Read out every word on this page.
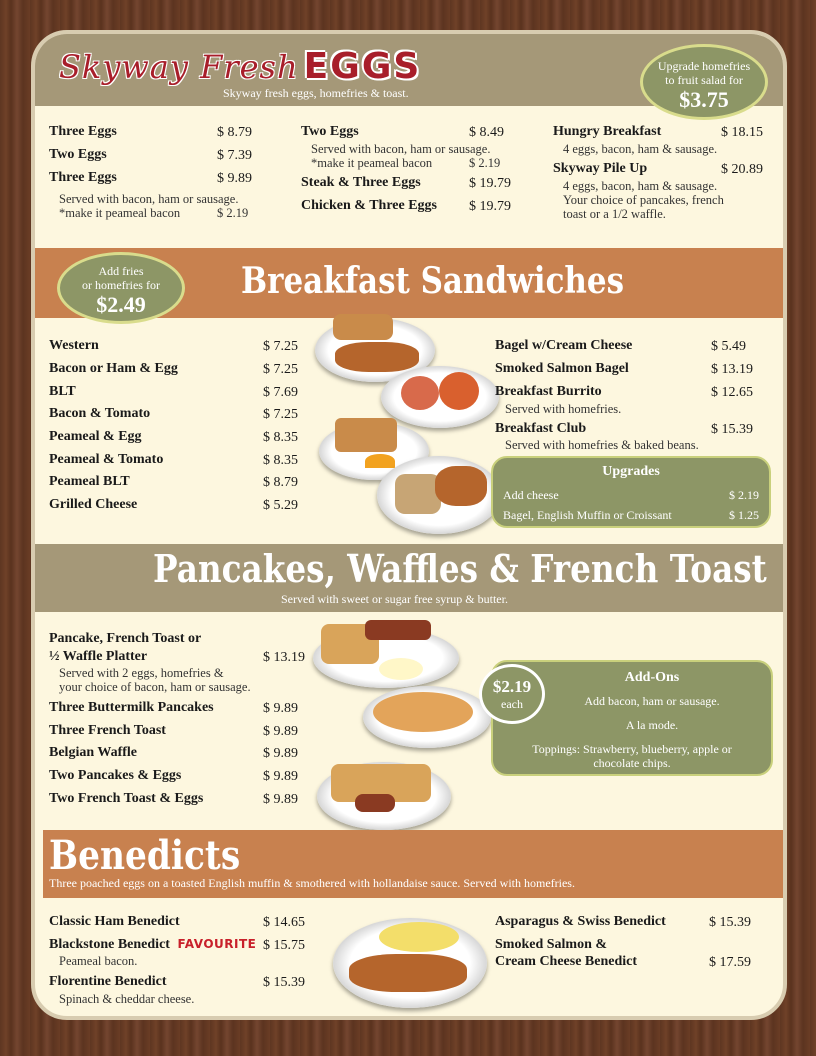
Skyway Fresh EGGS
Skyway fresh eggs, homefries & toast.
Upgrade homefries to fruit salad for
$3.75
Three Eggs	$ 8.79
Two Eggs	$ 7.39
Three Eggs	$ 9.89
Served with bacon, ham or sausage.
*make it peameal bacon	$ 2.19
Two Eggs	$ 8.49
Served with bacon, ham or sausage.
*make it peameal bacon	$ 2.19
Steak & Three Eggs	$ 19.79
Chicken & Three Eggs $ 19.79
Hungry Breakfast	$ 18.15
4 eggs, bacon, ham & sausage.
Skyway Pile Up	$ 20.89
4 eggs, bacon, ham & sausage.
Your choice of pancakes, french
toast or a 1/2 waffle.
Breakfast Sandwiches
Add fries
or homefries for
$2.49
Western	$ 7.25
Bacon or Ham & Egg	$ 7.25
BLT	$ 7.69
Bacon & Tomato	$ 7.25
Peameal & Egg	$ 8.35
Peameal & Tomato	$ 8.35
Peameal BLT	$ 8.79
Grilled Cheese	$ 5.29
Bagel w/Cream Cheese	$ 5.49
Smoked Salmon Bagel	$ 13.19
Breakfast Burrito	$ 12.65
Served with homefries.
Breakfast Club	$ 15.39
Served with homefries & baked beans.
Upgrades
Add cheese	$ 2.19
Bagel, English Muffin or Croissant	$ 1.25
Pancakes, Waffles & French Toast
Served with sweet or sugar free syrup & butter.
Pancake, French Toast or
½ Waffle Platter	$ 13.19
Served with 2 eggs, homefries &
your choice of bacon, ham or sausage.
Three Buttermilk Pancakes	$ 9.89
Three French Toast	$ 9.89
Belgian Waffle	$ 9.89
Two Pancakes & Eggs	$ 9.89
Two French Toast & Eggs	$ 9.89
Add-Ons
Add bacon, ham or sausage.
A la mode.
Toppings: Strawberry, blueberry, apple or
chocolate chips.
$2.19
each
Benedicts
Three poached eggs on a toasted English muffin & smothered with hollandaise sauce. Served with homefries.
Classic Ham Benedict	$ 14.65
Blackstone Benedict FAVOURITE $ 15.75
Peameal bacon.
Florentine Benedict	$ 15.39
Spinach & cheddar cheese.
Asparagus & Swiss Benedict	$ 15.39
Smoked Salmon &
Cream Cheese Benedict	$ 17.59
